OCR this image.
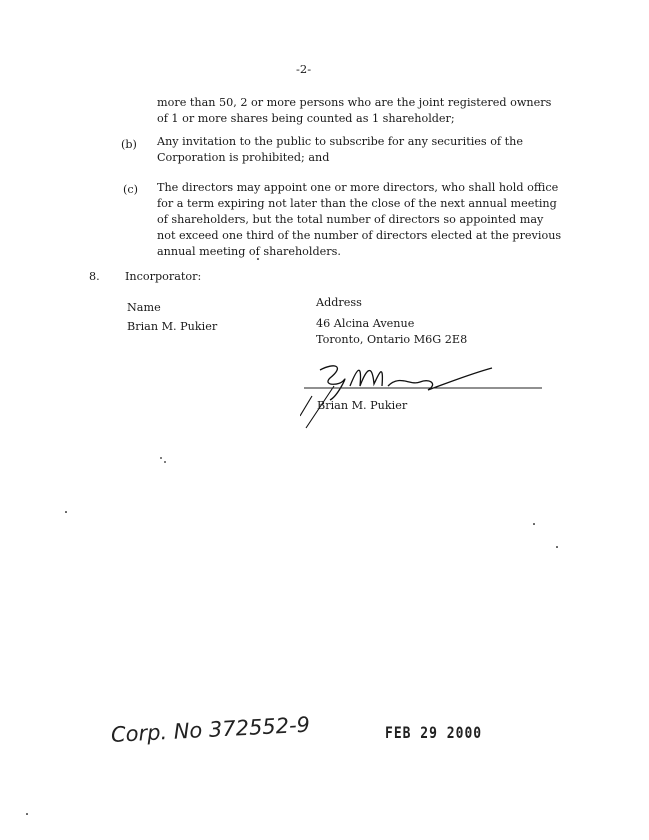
-2-
more than 50, 2 or more persons who are the joint registered owners
of 1 or more shares being counted as 1 shareholder;
(b) Any invitation to the public to subscribe for any securities of the
Corporation is prohibited; and
(c) The directors may appoint one or more directors, who shall hold office
for a term expiring not later than the close of the next annual meeting
of shareholders, but the total number of directors so appointed may
not exceed one third of the number of directors elected at the previous
annual meeting of shareholders.
8. Incorporator:
Name
Brian M. Pukier
Address
46 Alcina Avenue
Toronto, Ontario M6G 2E8
Brian M. Pukier
Corp. No 372552-9	FEB 29 2000
